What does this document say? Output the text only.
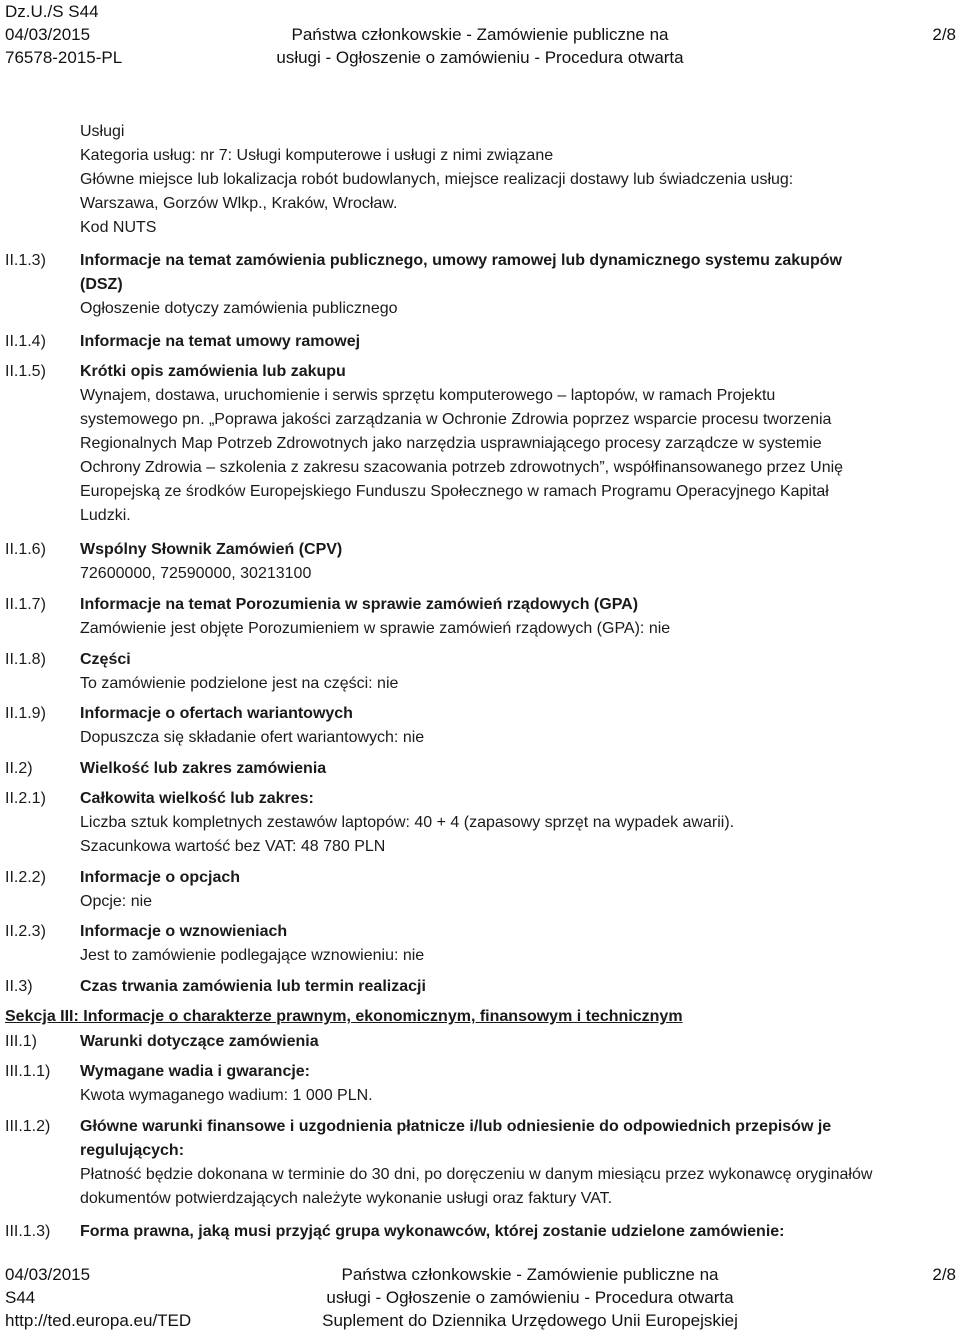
Dz.U./S S44
04/03/2015
76578-2015-PL
Państwa członkowskie - Zamówienie publiczne na
usługi - Ogłoszenie o zamówieniu - Procedura otwarta
2/8
Usługi
Kategoria usług: nr 7: Usługi komputerowe i usługi z nimi związane
Główne miejsce lub lokalizacja robót budowlanych, miejsce realizacji dostawy lub świadczenia usług:
Warszawa, Gorzów Wlkp., Kraków, Wrocław.
Kod NUTS
II.1.3) Informacje na temat zamówienia publicznego, umowy ramowej lub dynamicznego systemu zakupów
(DSZ)
Ogłoszenie dotyczy zamówienia publicznego
II.1.4) Informacje na temat umowy ramowej
II.1.5) Krótki opis zamówienia lub zakupu
Wynajem, dostawa, uruchomienie i serwis sprzętu komputerowego – laptopów, w ramach Projektu
systemowego pn. „Poprawa jakości zarządzania w Ochronie Zdrowia poprzez wsparcie procesu tworzenia
Regionalnych Map Potrzeb Zdrowotnych jako narzędzia usprawniającego procesy zarządcze w systemie
Ochrony Zdrowia – szkolenia z zakresu szacowania potrzeb zdrowotnych”, współfinansowanego przez Unię
Europejską ze środków Europejskiego Funduszu Społecznego w ramach Programu Operacyjnego Kapitał
Ludzki.
II.1.6) Wspólny Słownik Zamówień (CPV)
72600000, 72590000, 30213100
II.1.7) Informacje na temat Porozumienia w sprawie zamówień rządowych (GPA)
Zamówienie jest objęte Porozumieniem w sprawie zamówień rządowych (GPA): nie
II.1.8) Części
To zamówienie podzielone jest na części: nie
II.1.9) Informacje o ofertach wariantowych
Dopuszcza się składanie ofert wariantowych: nie
II.2)	Wielkość lub zakres zamówienia
II.2.1) Całkowita wielkość lub zakres:
Liczba sztuk kompletnych zestawów laptopów: 40 + 4 (zapasowy sprzęt na wypadek awarii).
Szacunkowa wartość bez VAT: 48 780 PLN
II.2.2) Informacje o opcjach
Opcje: nie
II.2.3) Informacje o wznowieniach
Jest to zamówienie podlegające wznowieniu: nie
II.3)	Czas trwania zamówienia lub termin realizacji
Sekcja III: Informacje o charakterze prawnym, ekonomicznym, finansowym i technicznym
III.1)	Warunki dotyczące zamówienia
III.1.1) Wymagane wadia i gwarancje:
Kwota wymaganego wadium: 1 000 PLN.
III.1.2) Główne warunki finansowe i uzgodnienia płatnicze i/lub odniesienie do odpowiednich przepisów je
regulujących:
Płatność będzie dokonana w terminie do 30 dni, po doręczeniu w danym miesiącu przez wykonawcę oryginałów
dokumentów potwierdzających należyte wykonanie usługi oraz faktury VAT.
III.1.3) Forma prawna, jaką musi przyjąć grupa wykonawców, której zostanie udzielone zamówienie:
04/03/2015
S44
http://ted.europa.eu/TED
Państwa członkowskie - Zamówienie publiczne na
usługi - Ogłoszenie o zamówieniu - Procedura otwarta
Suplement do Dziennika Urzędowego Unii Europejskiej
2/8
